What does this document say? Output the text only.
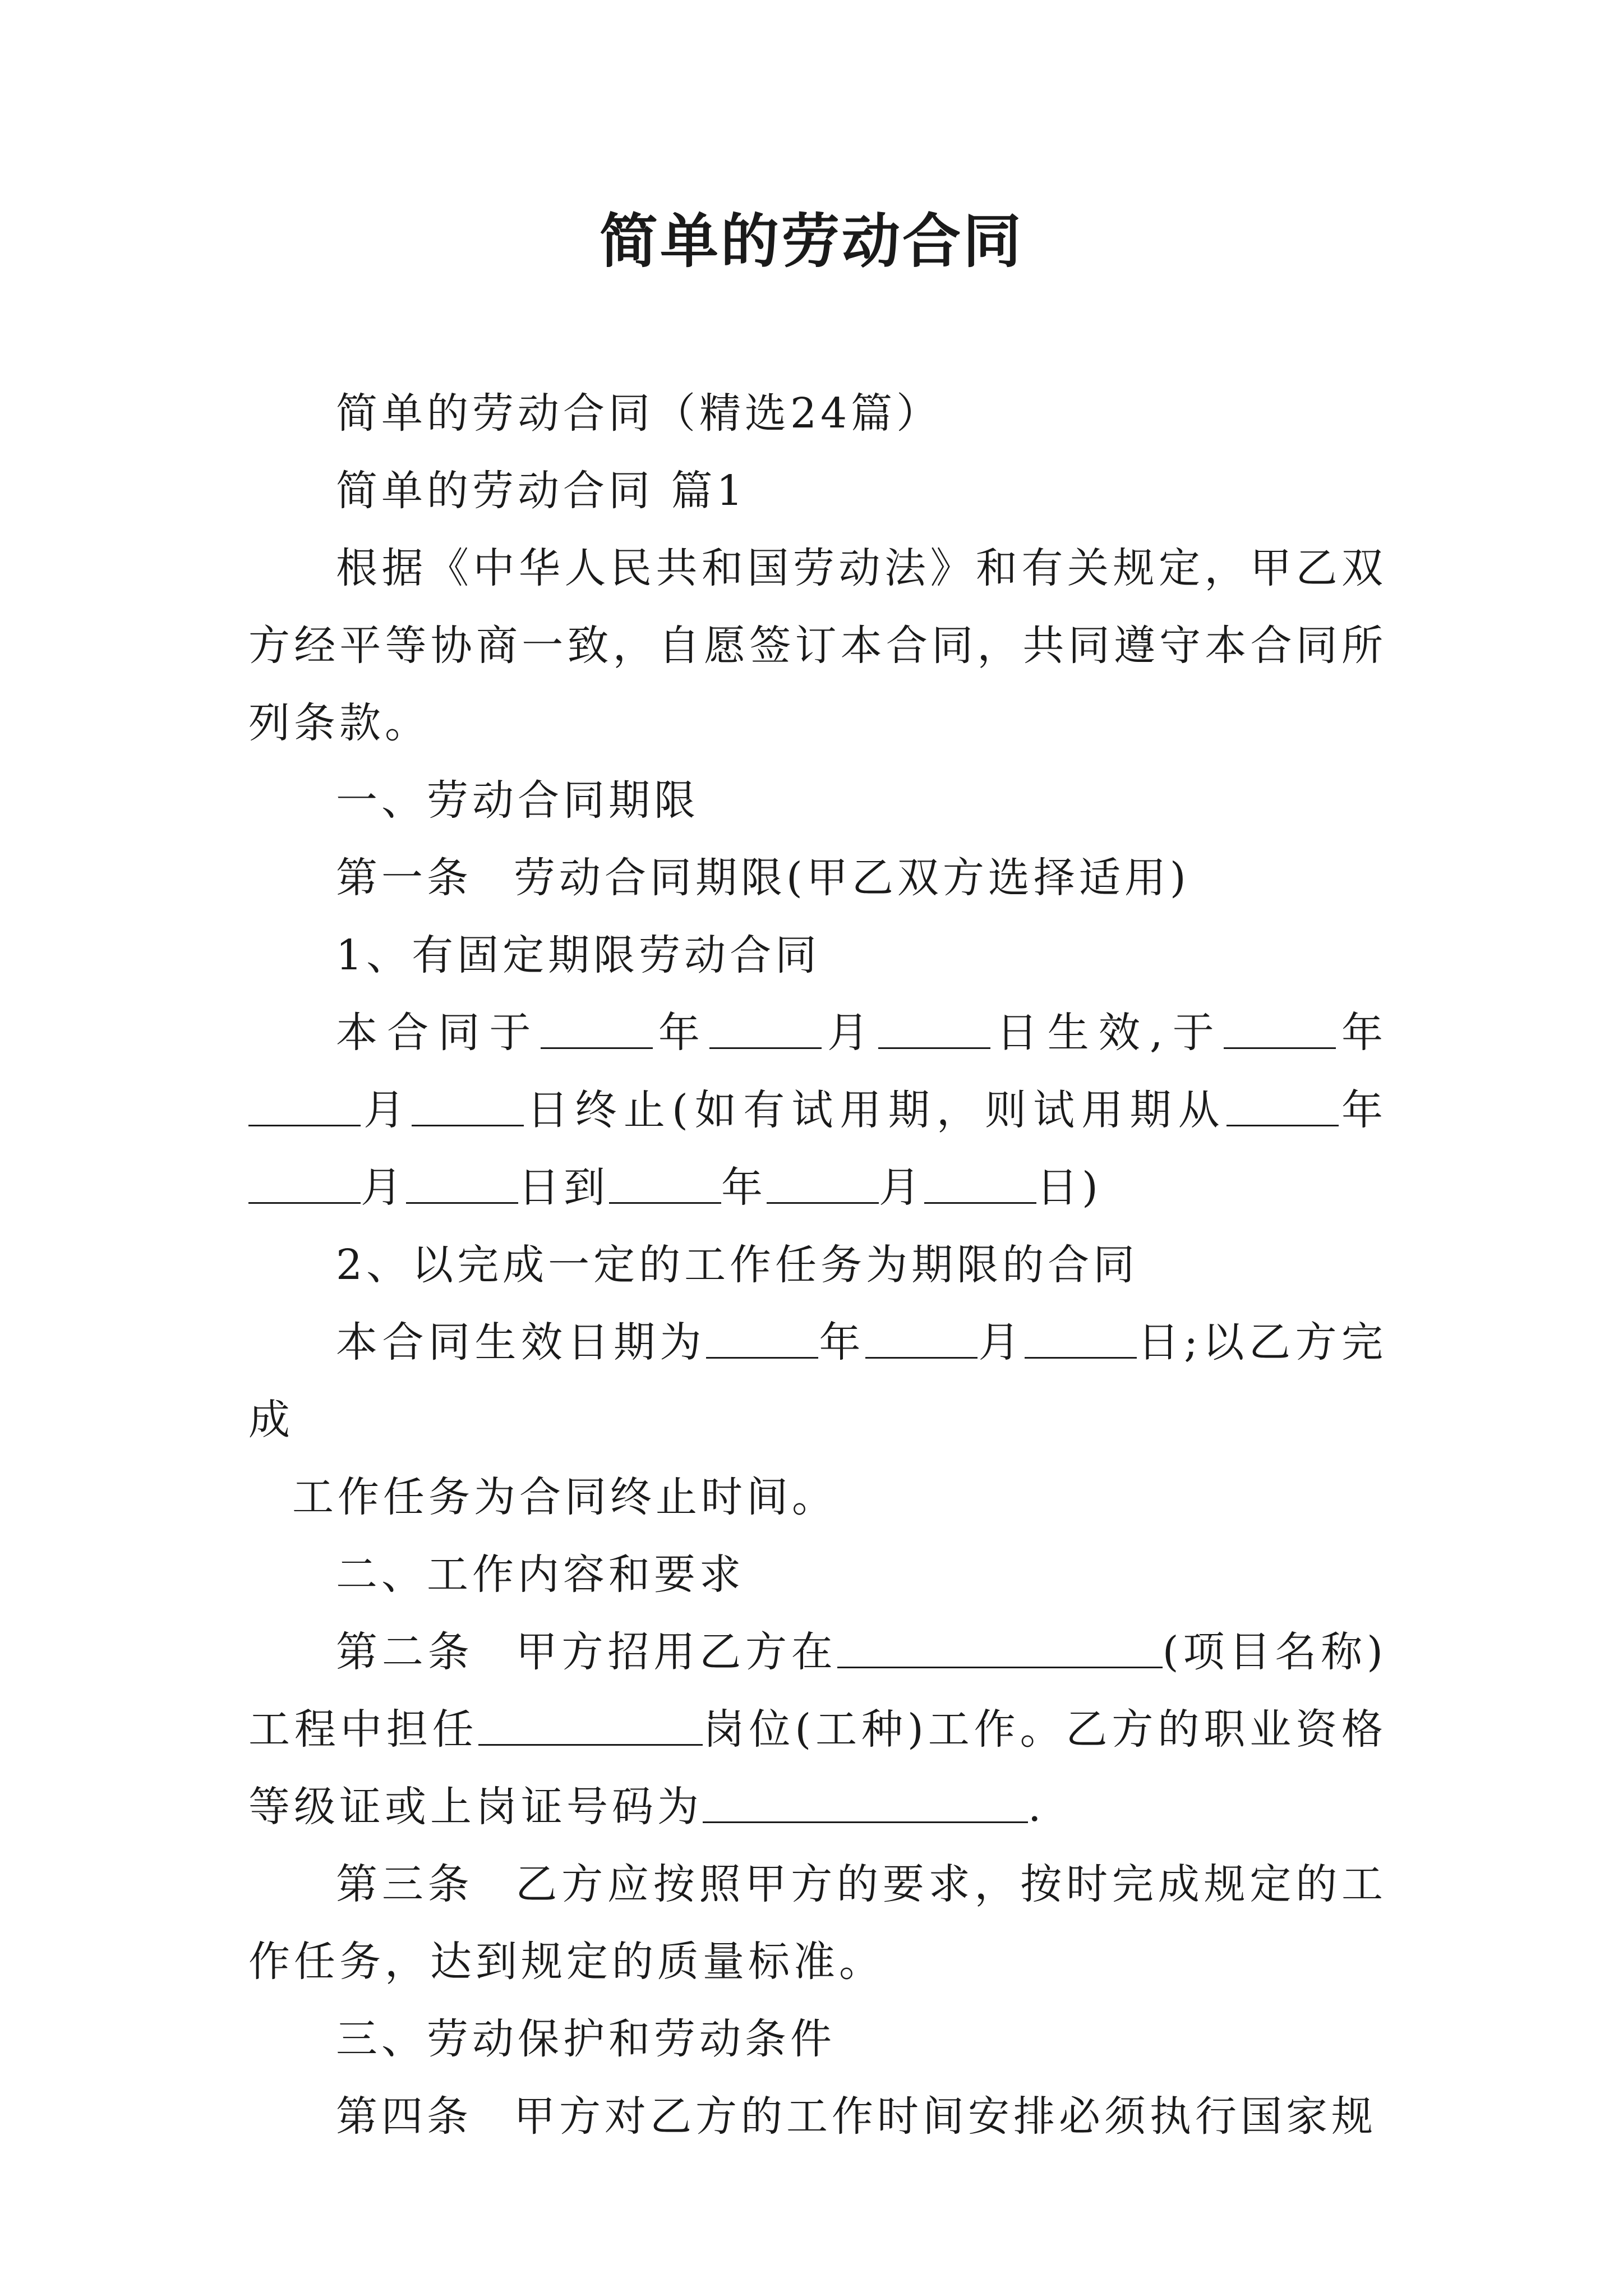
简单的劳动合同

简单的劳动合同（精选24篇）

简单的劳动合同 篇1

根据《中华人民共和国劳动法》和有关规定，甲乙双方经平等协商一致，自愿签订本合同，共同遵守本合同所列条款。

一、劳动合同期限

第一条 劳动合同期限(甲乙双方选择适用)

1、有固定期限劳动合同

本合同于	年	月	日生效,于	年月	日终止(如有试用期，则试用期从	年月	日到	年	月	日)

2、以完成一定的工作任务为期限的合同

本合同生效日期为	年	月	日;以乙方完成

工作任务为合同终止时间。

二、工作内容和要求

第二条 甲方招用乙方在	(项目名称)工程中担任	岗位(工种)工作。乙方的职业资格等级证或上岗证号码为	.

第三条 乙方应按照甲方的要求，按时完成规定的工作任务，达到规定的质量标准。

三、劳动保护和劳动条件

第四条 甲方对乙方的工作时间安排必须执行国家规
